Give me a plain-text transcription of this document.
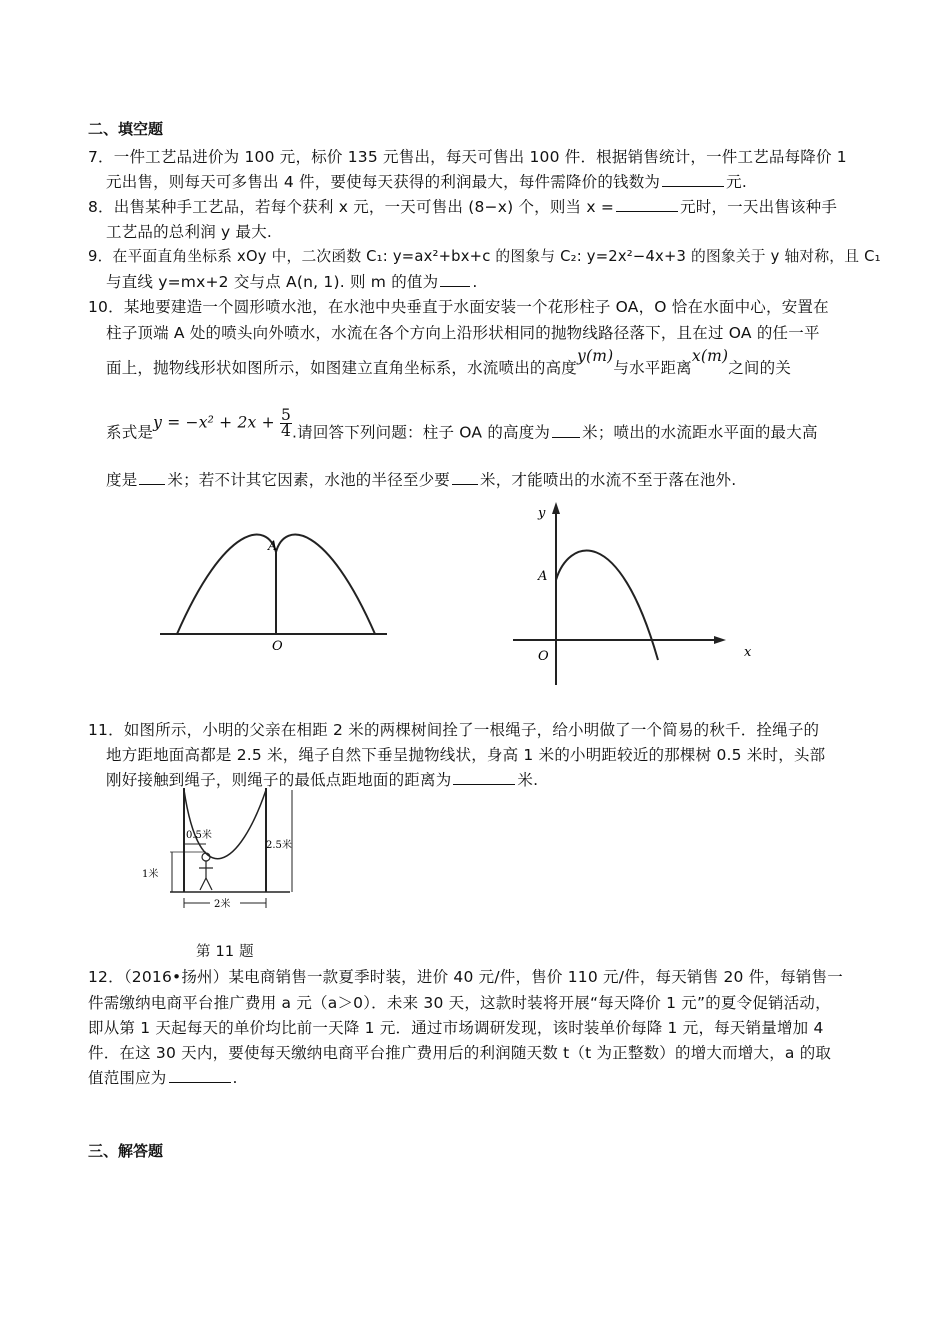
二、填空题
7．一件工艺品进价为 100 元，标价 135 元售出，每天可售出 100 件．根据销售统计，一件工艺品每降价 1
元出售，则每天可多售出 4 件，要使每天获得的利润最大，每件需降价的钱数为	元.
8．出售某种手工艺品，若每个获利 x 元，一天可售出 (8−x) 个，则当 x =	元时，一天出售该种手
工艺品的总利润 y 最大.
9．在平面直角坐标系 xOy 中，二次函数 C₁: y=ax²+bx+c 的图象与 C₂: y=2x²−4x+3 的图象关于 y 轴对称，且 C₁
与直线 y=mx+2 交与点 A(n, 1). 则 m 的值为 .
10．某地要建造一个圆形喷水池，在水池中央垂直于水面安装一个花形柱子 OA，O 恰在水面中心，安置在
柱子顶端 A 处的喷头向外喷水，水流在各个方向上沿形状相同的抛物线路径落下，且在过 OA 的任一平
面上，抛物线形状如图所示，如图建立直角坐标系，水流喷出的高度y(m)与水平距离x(m)之间的关
系式是$y = -x^2 + 2x + \frac{5}{4}$ .请回答下列问题：柱子 OA 的高度为 米；喷出的水流距水平面的最大高
度是 米；若不计其它因素，水池的半径至少要 米，才能喷出的水流不至于落在池外.
A
O
y
A
O	x
11．如图所示，小明的父亲在相距 2 米的两棵树间拴了一根绳子，给小明做了一个简易的秋千．拴绳子的
地方距地面高都是 2.5 米，绳子自然下垂呈抛物线状，身高 1 米的小明距较近的那棵树 0.5 米时，头部
刚好接触到绳子，则绳子的最低点距地面的距离为	米.
0.5米
1米
2.5米
2米
第 11 题
12．（2016•扬州）某电商销售一款夏季时装，进价 40 元/件，售价 110 元/件，每天销售 20 件，每销售一
件需缴纳电商平台推广费用 a 元（a＞0）．未来 30 天，这款时装将开展“每天降价 1 元”的夏令促销活动，
即从第 1 天起每天的单价均比前一天降 1 元．通过市场调研发现，该时装单价每降 1 元，每天销量增加 4
件．在这 30 天内，要使每天缴纳电商平台推广费用后的利润随天数 t（t 为正整数）的增大而增大，a 的取
值范围应为	.
三、解答题
